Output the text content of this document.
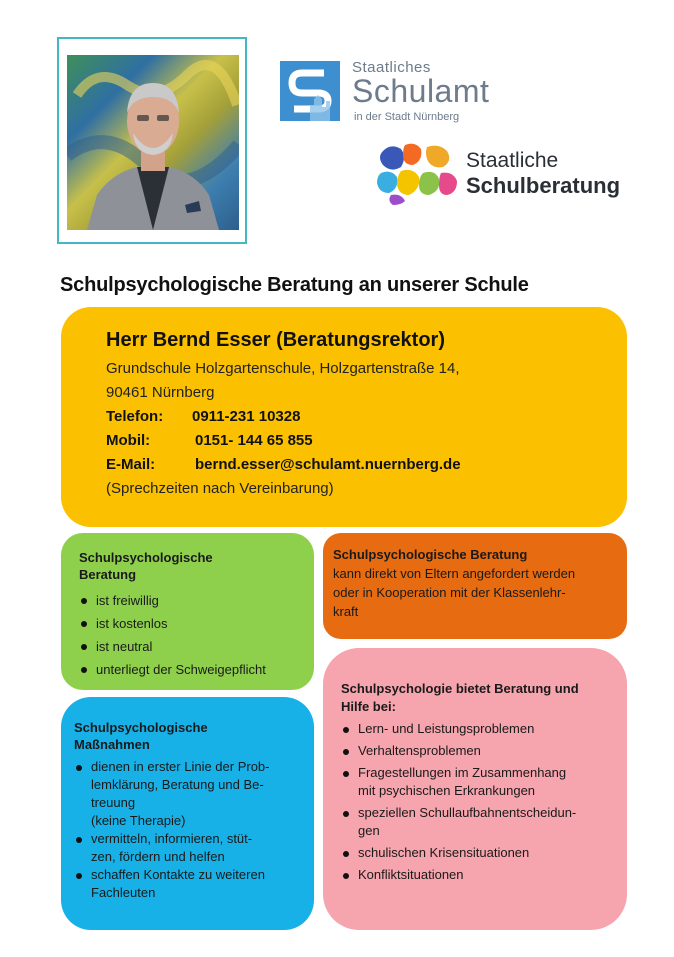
Staatliches
Schulamt
in der Stadt Nürnberg
Staatliche
Schulberatung
Schulpsychologische Beratung an unserer Schule
Herr Bernd Esser (Beratungsrektor)
Grundschule Holzgartenschule, Holzgartenstraße 14,
90461 Nürnberg
Telefon: 0911-231 10328
Mobil:	0151- 144 65 855
E-Mail:	bernd.esser@schulamt.nuernberg.de
(Sprechzeiten nach Vereinbarung)
Schulpsychologische
Beratung
ist freiwillig
ist kostenlos
ist neutral
unterliegt der Schweigepflicht
Schulpsychologische Beratung
kann direkt von Eltern angefordert werden
oder in Kooperation mit der Klassenlehr-
kraft
Schulpsychologie bietet Beratung und
Hilfe bei:
Lern- und Leistungsproblemen
Verhaltensproblemen
Fragestellungen im Zusammenhang
mit psychischen Erkrankungen
speziellen Schullaufbahnentscheidun-
gen
schulischen Krisensituationen
Konfliktsituationen
Schulpsychologische
Maßnahmen
dienen in erster Linie der Prob-
lemklärung, Beratung und Be-
treuung
(keine Therapie)
vermitteln, informieren, stüt-
zen, fördern und helfen
schaffen Kontakte zu weiteren
Fachleuten
